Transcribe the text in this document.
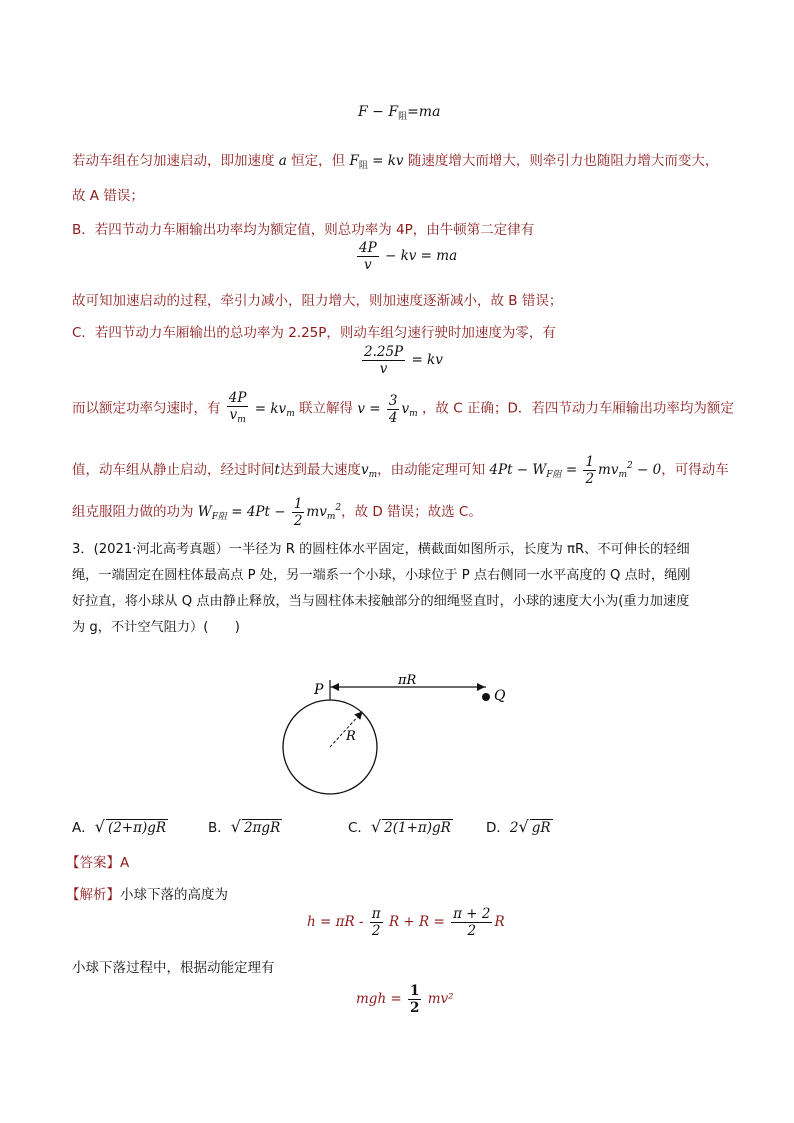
$F - F_阻=ma$
若动车组在匀加速启动，即加速度 a 恒定，但 $F_阻$ = kv 随速度增大而增大，则牵引力也随阻力增大而变大，
故 A 错误；
B．若四节动力车厢输出功率均为额定值，则总功率为 4P，由牛顿第二定律有
$\frac{4P}{v}$ − kv = ma
故可知加速启动的过程，牵引力减小，阻力增大，则加速度逐渐减小，故 B 错误；
C．若四节动力车厢输出的总功率为 2.25P，则动车组匀速行驶时加速度为零，有
$\frac{2.25P}{v}$ = kv
而以额定功率匀速时，有 $\frac{4P}{v_m} = kv_m$ 联立解得 $v = \frac{3}{4} v_m$ ，故 C 正确；D．若四节动力车厢输出功率均为额定
值，动车组从静止启动，经过时间t达到最大速度$v_m$，由动能定理可知 $4Pt - W_{F阻} = \frac{1}{2} mv_m^2 - 0$，可得动车
组克服阻力做的功为 $W_{F阻} = 4Pt - \frac{1}{2} mv_m^2$，故 D 错误；故选 C。
3．(2021·河北高考真题）一半径为 R 的圆柱体水平固定，横截面如图所示，长度为 πR、不可伸长的轻细
绳，一端固定在圆柱体最高点 P 处，另一端系一个小球，小球位于 P 点右侧同一水平高度的 Q 点时，绳刚
好拉直，将小球从 Q 点由静止释放，当与圆柱体未接触部分的细绳竖直时，小球的速度大小为(重力加速度
为 g，不计空气阻力）(　　)
P	Q
πR
R
A．√ (2+π)gR	B．√ 2πgR	C．√ 2(1+π)gR	D．2√ gR
【答案】A
【解析】小球下落的高度为
$h = \pi R - \frac{\pi}{2}$ $R + R = \frac{\pi + 2}{2}$ R
小球下落过程中，根据动能定理有
mgh = $\frac{1}{2} mv^2$
